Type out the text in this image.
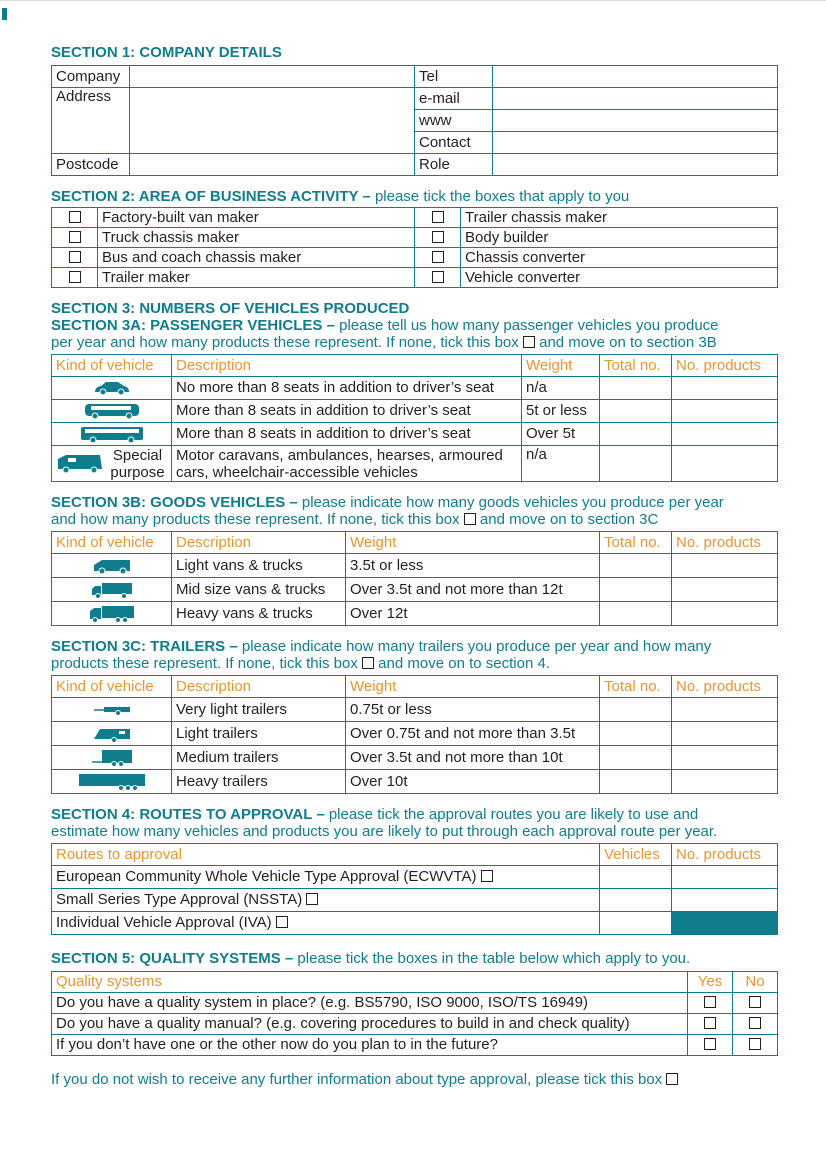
SECTION 1: COMPANY DETAILS

Company		Tel	
Address		e-mail	
		www	
		Contact	
Postcode		Role	

SECTION 2: AREA OF BUSINESS ACTIVITY – please tick the boxes that apply to you

	Factory-built van maker		Trailer chassis maker
	Truck chassis maker		Body builder
	Bus and coach chassis maker		Chassis converter
	Trailer maker		Vehicle converter

SECTION 3: NUMBERS OF VEHICLES PRODUCED

SECTION 3A: PASSENGER VEHICLES – please tell us how many passenger vehicles you produce

per year and how many products these represent. If none, tick this box  and move on to section 3B

Kind of vehicle	Description	Weight	Total no.	No. products
	No more than 8 seats in addition to driver’s seat	n/a		
	More than 8 seats in addition to driver’s seat	5t or less		
	More than 8 seats in addition to driver’s seat	Over 5t		

Special purpose	Motor caravans, ambulances, hearses, armoured cars, wheelchair-accessible vehicles	n/a		

SECTION 3B: GOODS VEHICLES – please indicate how many goods vehicles you produce per year

and how many products these represent. If none, tick this box  and move on to section 3C

Kind of vehicle	Description	Weight	Total no.	No. products
	Light vans & trucks	3.5t or less		
	Mid size vans & trucks	Over 3.5t and not more than 12t		
	Heavy vans & trucks	Over 12t		

SECTION 3C: TRAILERS – please indicate how many trailers you produce per year and how many

products these represent. If none, tick this box  and move on to section 4.

Kind of vehicle	Description	Weight	Total no.	No. products
	Very light trailers	0.75t or less		
	Light trailers	Over 0.75t and not more than 3.5t		
	Medium trailers	Over 3.5t and not more than 10t		
	Heavy trailers	Over 10t		

SECTION 4: ROUTES TO APPROVAL – please tick the approval routes you are likely to use and

estimate how many vehicles and products you are likely to put through each approval route per year.

Routes to approval	Vehicles	No. products
European Community Whole Vehicle Type Approval (ECWVTA)		
Small Series Type Approval (NSSTA)		
Individual Vehicle Approval (IVA)		

SECTION 5: QUALITY SYSTEMS – please tick the boxes in the table below which apply to you.

Quality systems	Yes	No
Do you have a quality system in place? (e.g. BS5790, ISO 9000, ISO/TS 16949)		
Do you have a quality manual? (e.g. covering procedures to build in and check quality)		
If you don’t have one or the other now do you plan to in the future?		

If you do not wish to receive any further information about type approval, please tick this box
